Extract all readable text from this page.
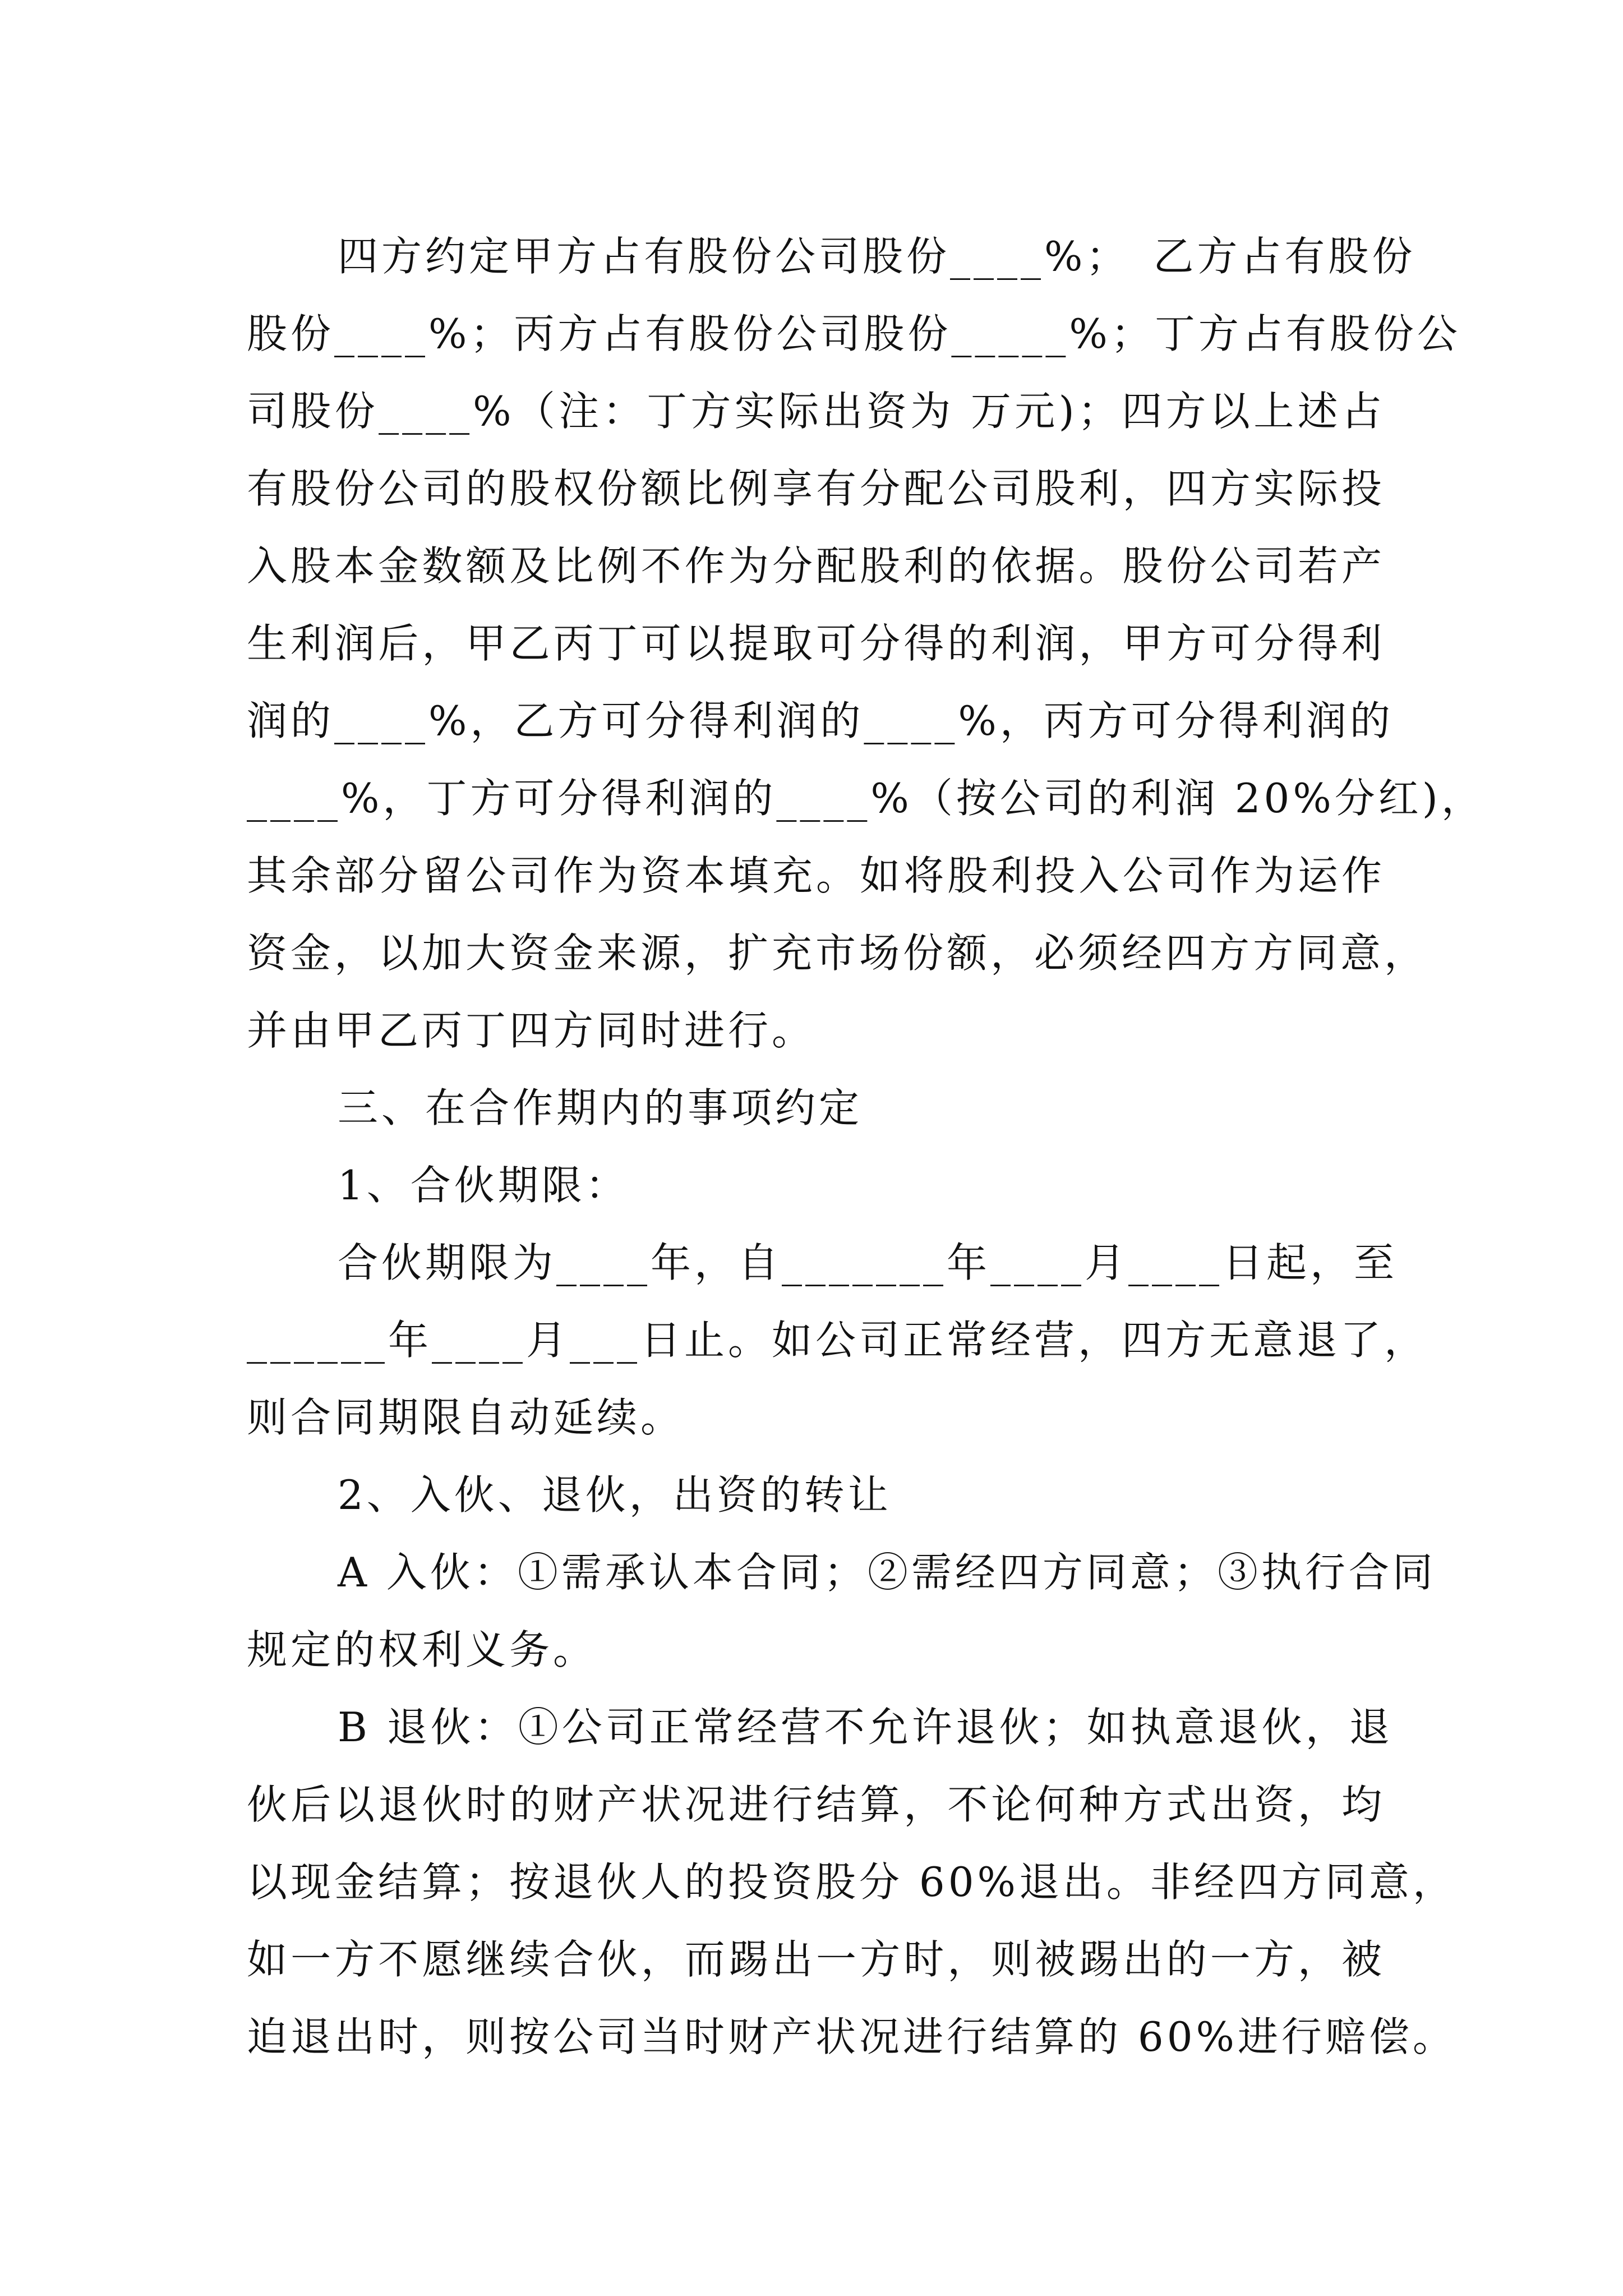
四方约定甲方占有股份公司股份____%；　乙方占有股份
股份____%；丙方占有股份公司股份_____%；丁方占有股份公
司股份____%（注：丁方实际出资为 万元)；四方以上述占
有股份公司的股权份额比例享有分配公司股利，四方实际投
入股本金数额及比例不作为分配股利的依据。股份公司若产
生利润后，甲乙丙丁可以提取可分得的利润，甲方可分得利
润的____%，乙方可分得利润的____%，丙方可分得利润的
____%，丁方可分得利润的____%（按公司的利润 20%分红)，
其余部分留公司作为资本填充。如将股利投入公司作为运作
资金，以加大资金来源，扩充市场份额，必须经四方方同意，
并由甲乙丙丁四方同时进行。
三、在合作期内的事项约定
1、合伙期限：
合伙期限为____年，自_______年____月____日起，至
______年____月___日止。如公司正常经营，四方无意退了，
则合同期限自动延续。
2、入伙、退伙，出资的转让
A 入伙：①需承认本合同；②需经四方同意；③执行合同
规定的权利义务。
B 退伙：①公司正常经营不允许退伙；如执意退伙，退
伙后以退伙时的财产状况进行结算，不论何种方式出资，均
以现金结算；按退伙人的投资股分 60%退出。非经四方同意，
如一方不愿继续合伙，而踢出一方时，则被踢出的一方，被
迫退出时，则按公司当时财产状况进行结算的 60%进行赔偿。
